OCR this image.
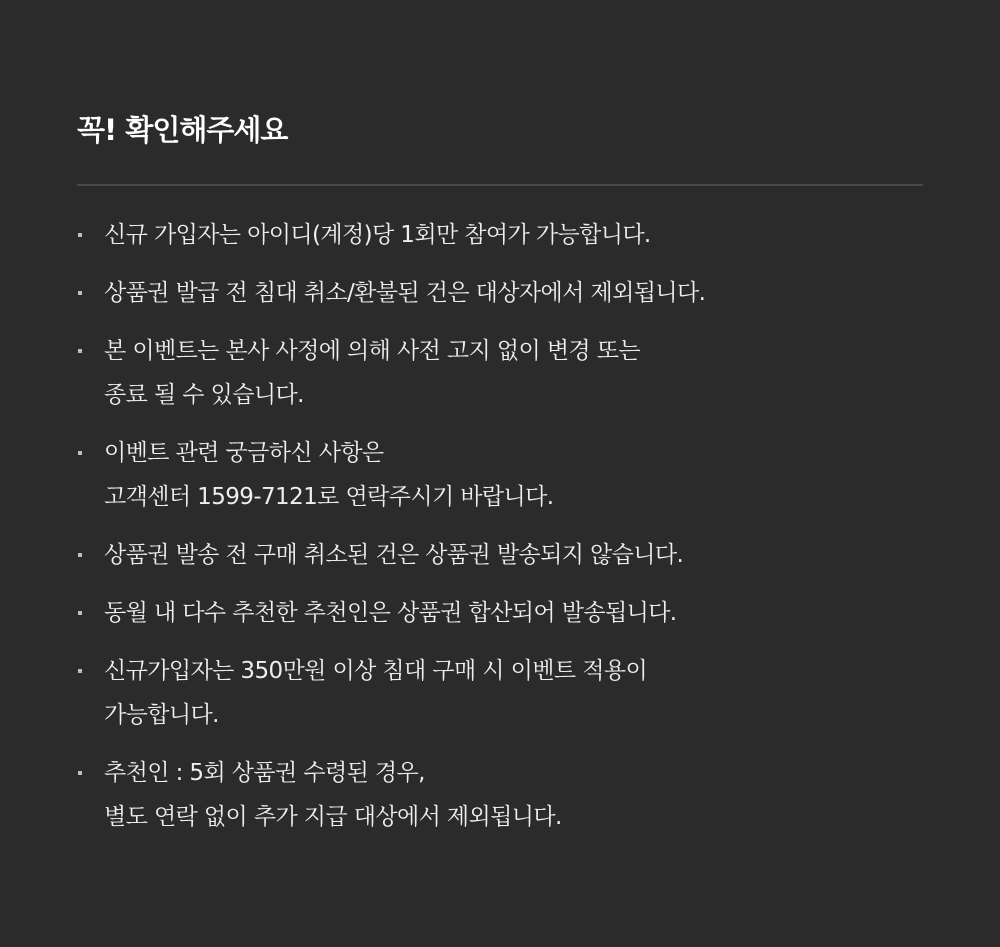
꼭! 확인해주세요
신규 가입자는 아이디(계정)당 1회만 참여가 가능합니다.
상품권 발급 전 침대 취소/환불된 건은 대상자에서 제외됩니다.
본 이벤트는 본사 사정에 의해 사전 고지 없이 변경 또는
종료 될 수 있습니다.
이벤트 관련 궁금하신 사항은
고객센터 1599-7121로 연락주시기 바랍니다.
상품권 발송 전 구매 취소된 건은 상품권 발송되지 않습니다.
동월 내 다수 추천한 추천인은 상품권 합산되어 발송됩니다.
신규가입자는 350만원 이상 침대 구매 시 이벤트 적용이
가능합니다.
추천인 : 5회 상품권 수령된 경우,
별도 연락 없이 추가 지급 대상에서 제외됩니다.
